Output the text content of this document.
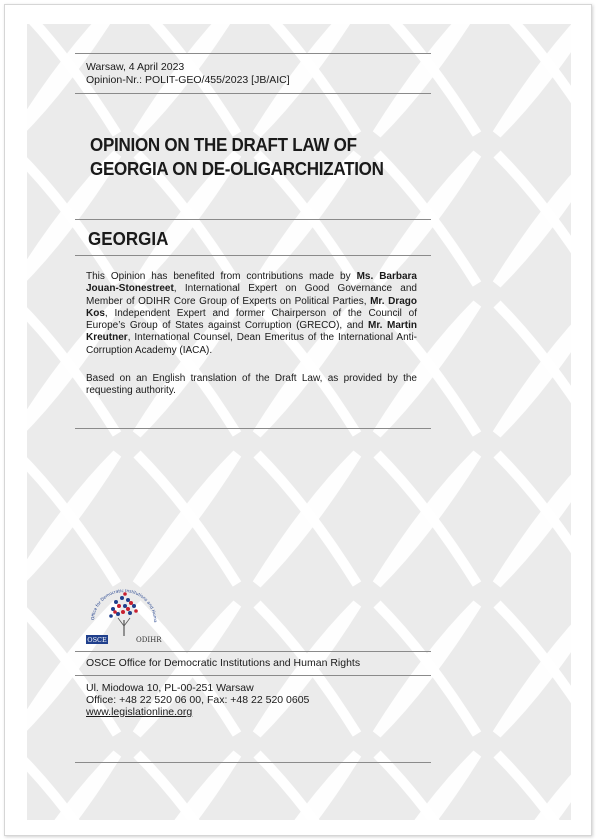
Warsaw, 4 April 2023
Opinion-Nr.: POLIT-GEO/455/2023 [JB/AIC]
OPINION ON THE DRAFT LAW OF
GEORGIA ON DE-OLIGARCHIZATION
GEORGIA
This Opinion has benefited from contributions made by Ms. Barbara Jouan-Stonestreet, International Expert on Good Governance and Member of ODIHR Core Group of Experts on Political Parties, Mr. Drago Kos, Independent Expert and former Chairperson of the Council of Europe’s Group of States against Corruption (GRECO), and Mr. Martin Kreutner, International Counsel, Dean Emeritus of the International Anti-Corruption Academy (IACA).
Based on an English translation of the Draft Law, as provided by the requesting authority.
Office for Democratic Institutions and Huma
OSCE	ODIHR
OSCE Office for Democratic Institutions and Human Rights
Ul. Miodowa 10, PL-00-251 Warsaw
Office: +48 22 520 06 00, Fax: +48 22 520 0605
www.legislationline.org
